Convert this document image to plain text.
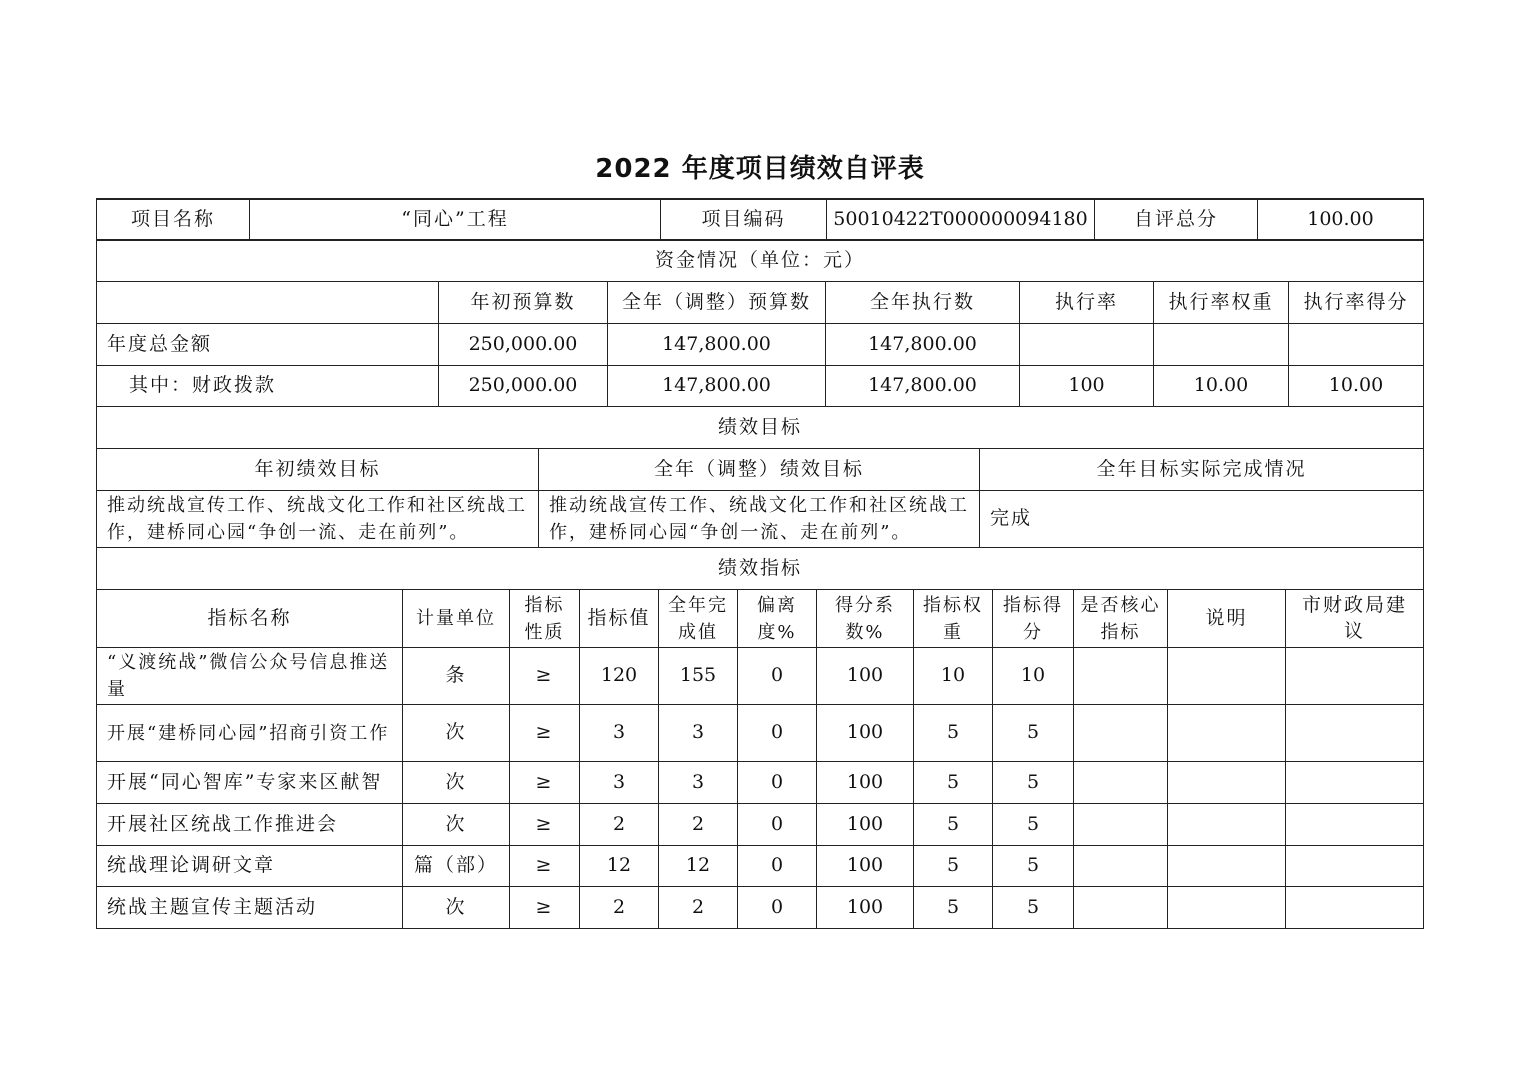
2022 年度项目绩效自评表
项目名称	“同心”工程	项目编码	50010422T000000094180	自评总分	100.00
资金情况（单位：元）						
	年初预算数	全年（调整）预算数	全年执行数	执行率	执行率权重	执行率得分
年度总金额	250,000.00	147,800.00	147,800.00			
其中：财政拨款	250,000.00	147,800.00	147,800.00	100	10.00	10.00
绩效目标		
年初绩效目标	全年（调整）绩效目标	全年目标实际完成情况
推动统战宣传工作、统战文化工作和社区统战工作，建桥同心园“争创一流、走在前列”。	推动统战宣传工作、统战文化工作和社区统战工作，建桥同心园“争创一流、走在前列”。	完成
绩效指标											
指标名称	计量单位	指标性质	指标值	全年完成值	偏离度%	得分系数%	指标权重	指标得分	是否核心指标	说明	市财政局建议
“义渡统战”微信公众号信息推送量	条	≥	120	155	0	100	10	10			
开展“建桥同心园”招商引资工作	次	≥	3	3	0	100	5	5			
开展“同心智库”专家来区献智	次	≥	3	3	0	100	5	5			
开展社区统战工作推进会	次	≥	2	2	0	100	5	5			
统战理论调研文章	篇（部）	≥	12	12	0	100	5	5			
统战主题宣传主题活动	次	≥	2	2	0	100	5	5			
